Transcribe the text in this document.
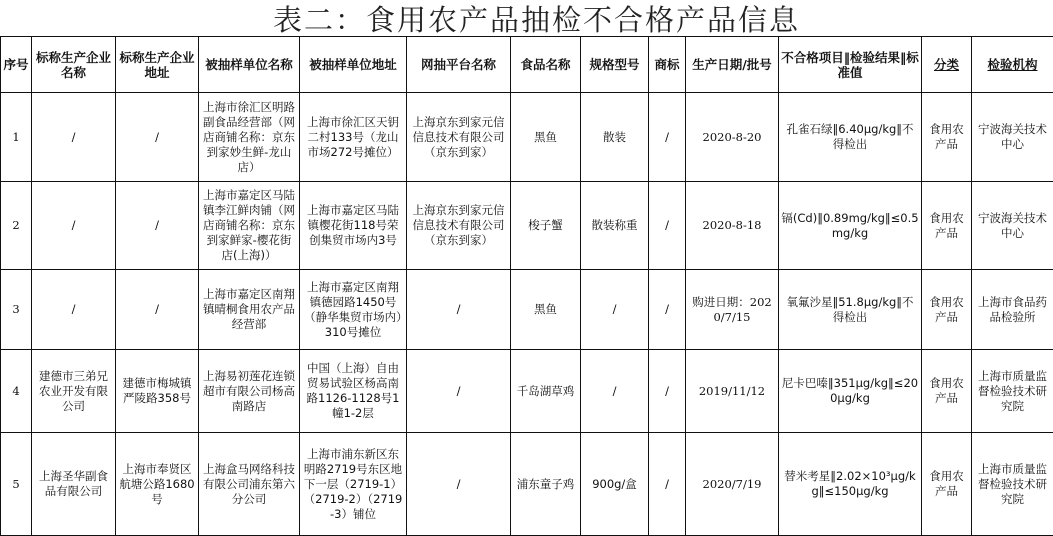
表二：食用农产品抽检不合格产品信息
序号	标称生产企业名称	标称生产企业地址	被抽样单位名称	被抽样单位地址	网抽平台名称	食品名称	规格型号	商标	生产日期/批号	不合格项目‖检验结果‖标准值	分类	检验机构
1	/	/	上海市徐汇区明路副食品经营部（网店商铺名称：京东到家妙生鲜-龙山店）	上海市徐汇区天钥二村133号（龙山市场272号摊位）	上海京东到家元信信息技术有限公司（京东到家）	黑鱼	散装	/	2020-8-20	孔雀石绿‖6.40μg/kg‖不得检出	食用农产品	宁波海关技术中心
2	/	/	上海市嘉定区马陆镇李江鲜肉铺（网店商铺名称：京东到家鲜家-樱花街店(上海)）	上海市嘉定区马陆镇樱花街118号荣创集贸市场内3号	上海京东到家元信信息技术有限公司（京东到家）	梭子蟹	散装称重	/	2020-8-18	镉(Cd)‖0.89mg/kg‖≤0.5mg/kg	食用农产品	宁波海关技术中心
3	/	/	上海市嘉定区南翔镇晴桐食用农产品经营部	上海市嘉定区南翔镇德园路1450号（静华集贸市场内）310号摊位	/	黑鱼	/	/	购进日期：2020/7/15	氧氟沙星‖51.8μg/kg‖不得检出	食用农产品	上海市食品药品检验所
4	建德市三弟兄农业开发有限公司	建德市梅城镇严陵路358号	上海易初莲花连锁超市有限公司杨高南路店	中国（上海）自由贸易试验区杨高南路1126-1128号1幢1-2层	/	千岛湖草鸡	/	/	2019/11/12	尼卡巴嗪‖351μg/kg‖≤200μg/kg	食用农产品	上海市质量监督检验技术研究院
5	上海圣华副食品有限公司	上海市奉贤区航塘公路1680号	上海盒马网络科技有限公司浦东第六分公司	上海市浦东新区东明路2719号东区地下一层（2719-1）（2719-2）（2719-3）铺位	/	浦东童子鸡	900g/盒	/	2020/7/19	替米考星‖2.02×10³μg/kg‖≤150μg/kg	食用农产品	上海市质量监督检验技术研究院
